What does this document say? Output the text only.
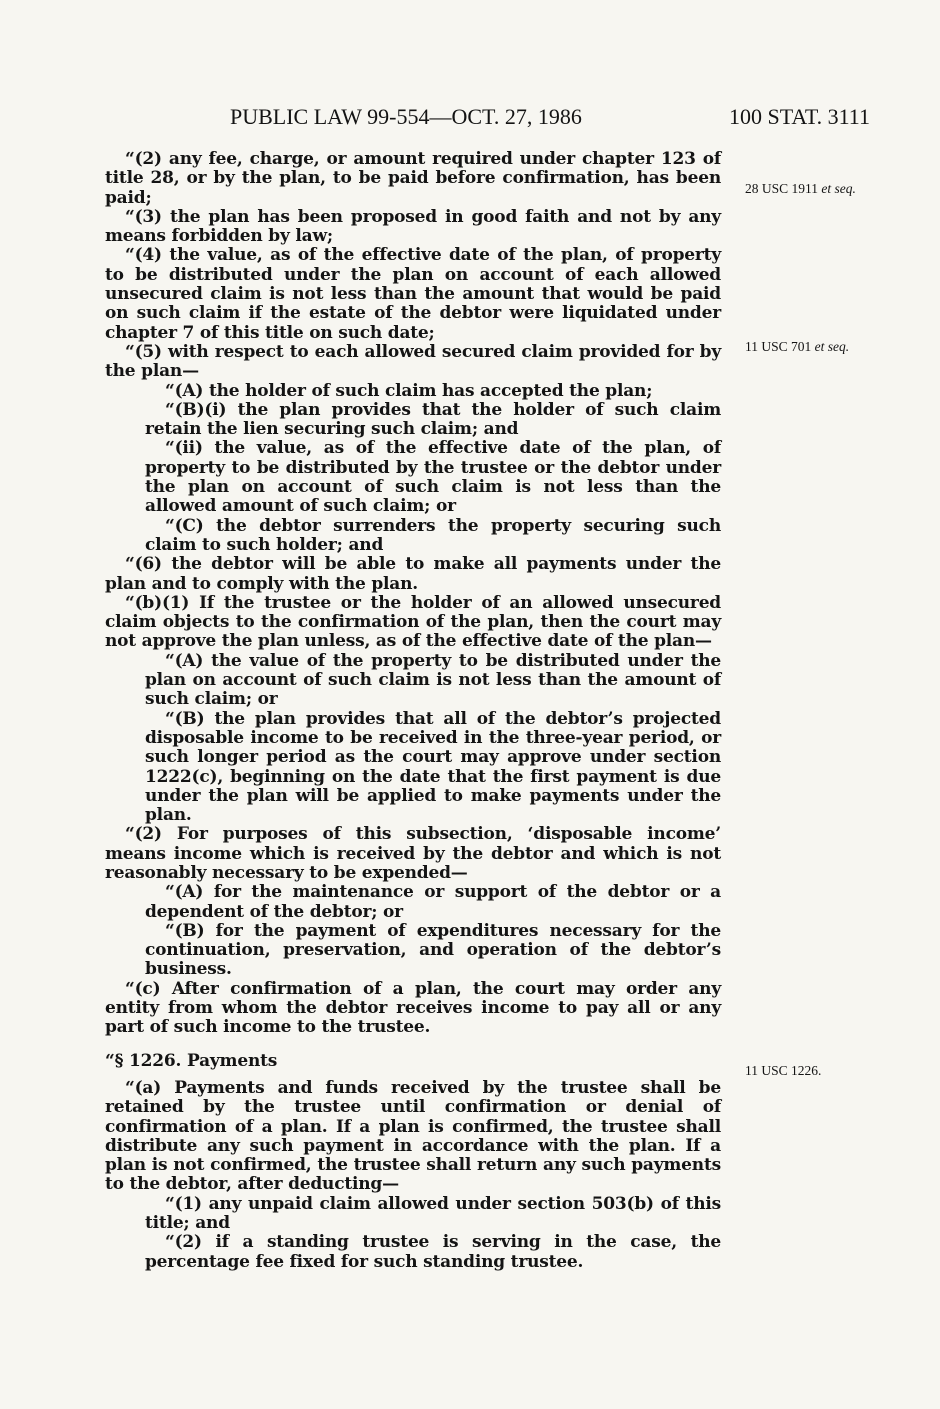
PUBLIC LAW 99-554—OCT. 27, 1986	100 STAT. 3111
28 USC 1911 et seq.
11 USC 701 et seq.
11 USC 1226.

“(2) any fee, charge, or amount required under chapter 123 of title 28, or by the plan, to be paid before confirmation, has been paid;

“(3) the plan has been proposed in good faith and not by any means forbidden by law;

“(4) the value, as of the effective date of the plan, of property to be distributed under the plan on account of each allowed unsecured claim is not less than the amount that would be paid on such claim if the estate of the debtor were liquidated under chapter 7 of this title on such date;

“(5) with respect to each allowed secured claim provided for by the plan—

“(A) the holder of such claim has accepted the plan;

“(B)(i) the plan provides that the holder of such claim retain the lien securing such claim; and

“(ii) the value, as of the effective date of the plan, of property to be distributed by the trustee or the debtor under the plan on account of such claim is not less than the allowed amount of such claim; or

“(C) the debtor surrenders the property securing such claim to such holder; and

“(6) the debtor will be able to make all payments under the plan and to comply with the plan.

“(b)(1) If the trustee or the holder of an allowed unsecured claim objects to the confirmation of the plan, then the court may not approve the plan unless, as of the effective date of the plan—

“(A) the value of the property to be distributed under the plan on account of such claim is not less than the amount of such claim; or

“(B) the plan provides that all of the debtor’s projected disposable income to be received in the three-year period, or such longer period as the court may approve under section 1222(c), beginning on the date that the first payment is due under the plan will be applied to make payments under the plan.

“(2) For purposes of this subsection, ‘disposable income’ means income which is received by the debtor and which is not reasonably necessary to be expended—

“(A) for the maintenance or support of the debtor or a dependent of the debtor; or

“(B) for the payment of expenditures necessary for the continuation, preservation, and operation of the debtor’s business.

“(c) After confirmation of a plan, the court may order any entity from whom the debtor receives income to pay all or any part of such income to the trustee.

“§ 1226. Payments

“(a) Payments and funds received by the trustee shall be retained by the trustee until confirmation or denial of confirmation of a plan. If a plan is confirmed, the trustee shall distribute any such payment in accordance with the plan. If a plan is not confirmed, the trustee shall return any such payments to the debtor, after deducting—

“(1) any unpaid claim allowed under section 503(b) of this title; and

“(2) if a standing trustee is serving in the case, the percentage fee fixed for such standing trustee.
